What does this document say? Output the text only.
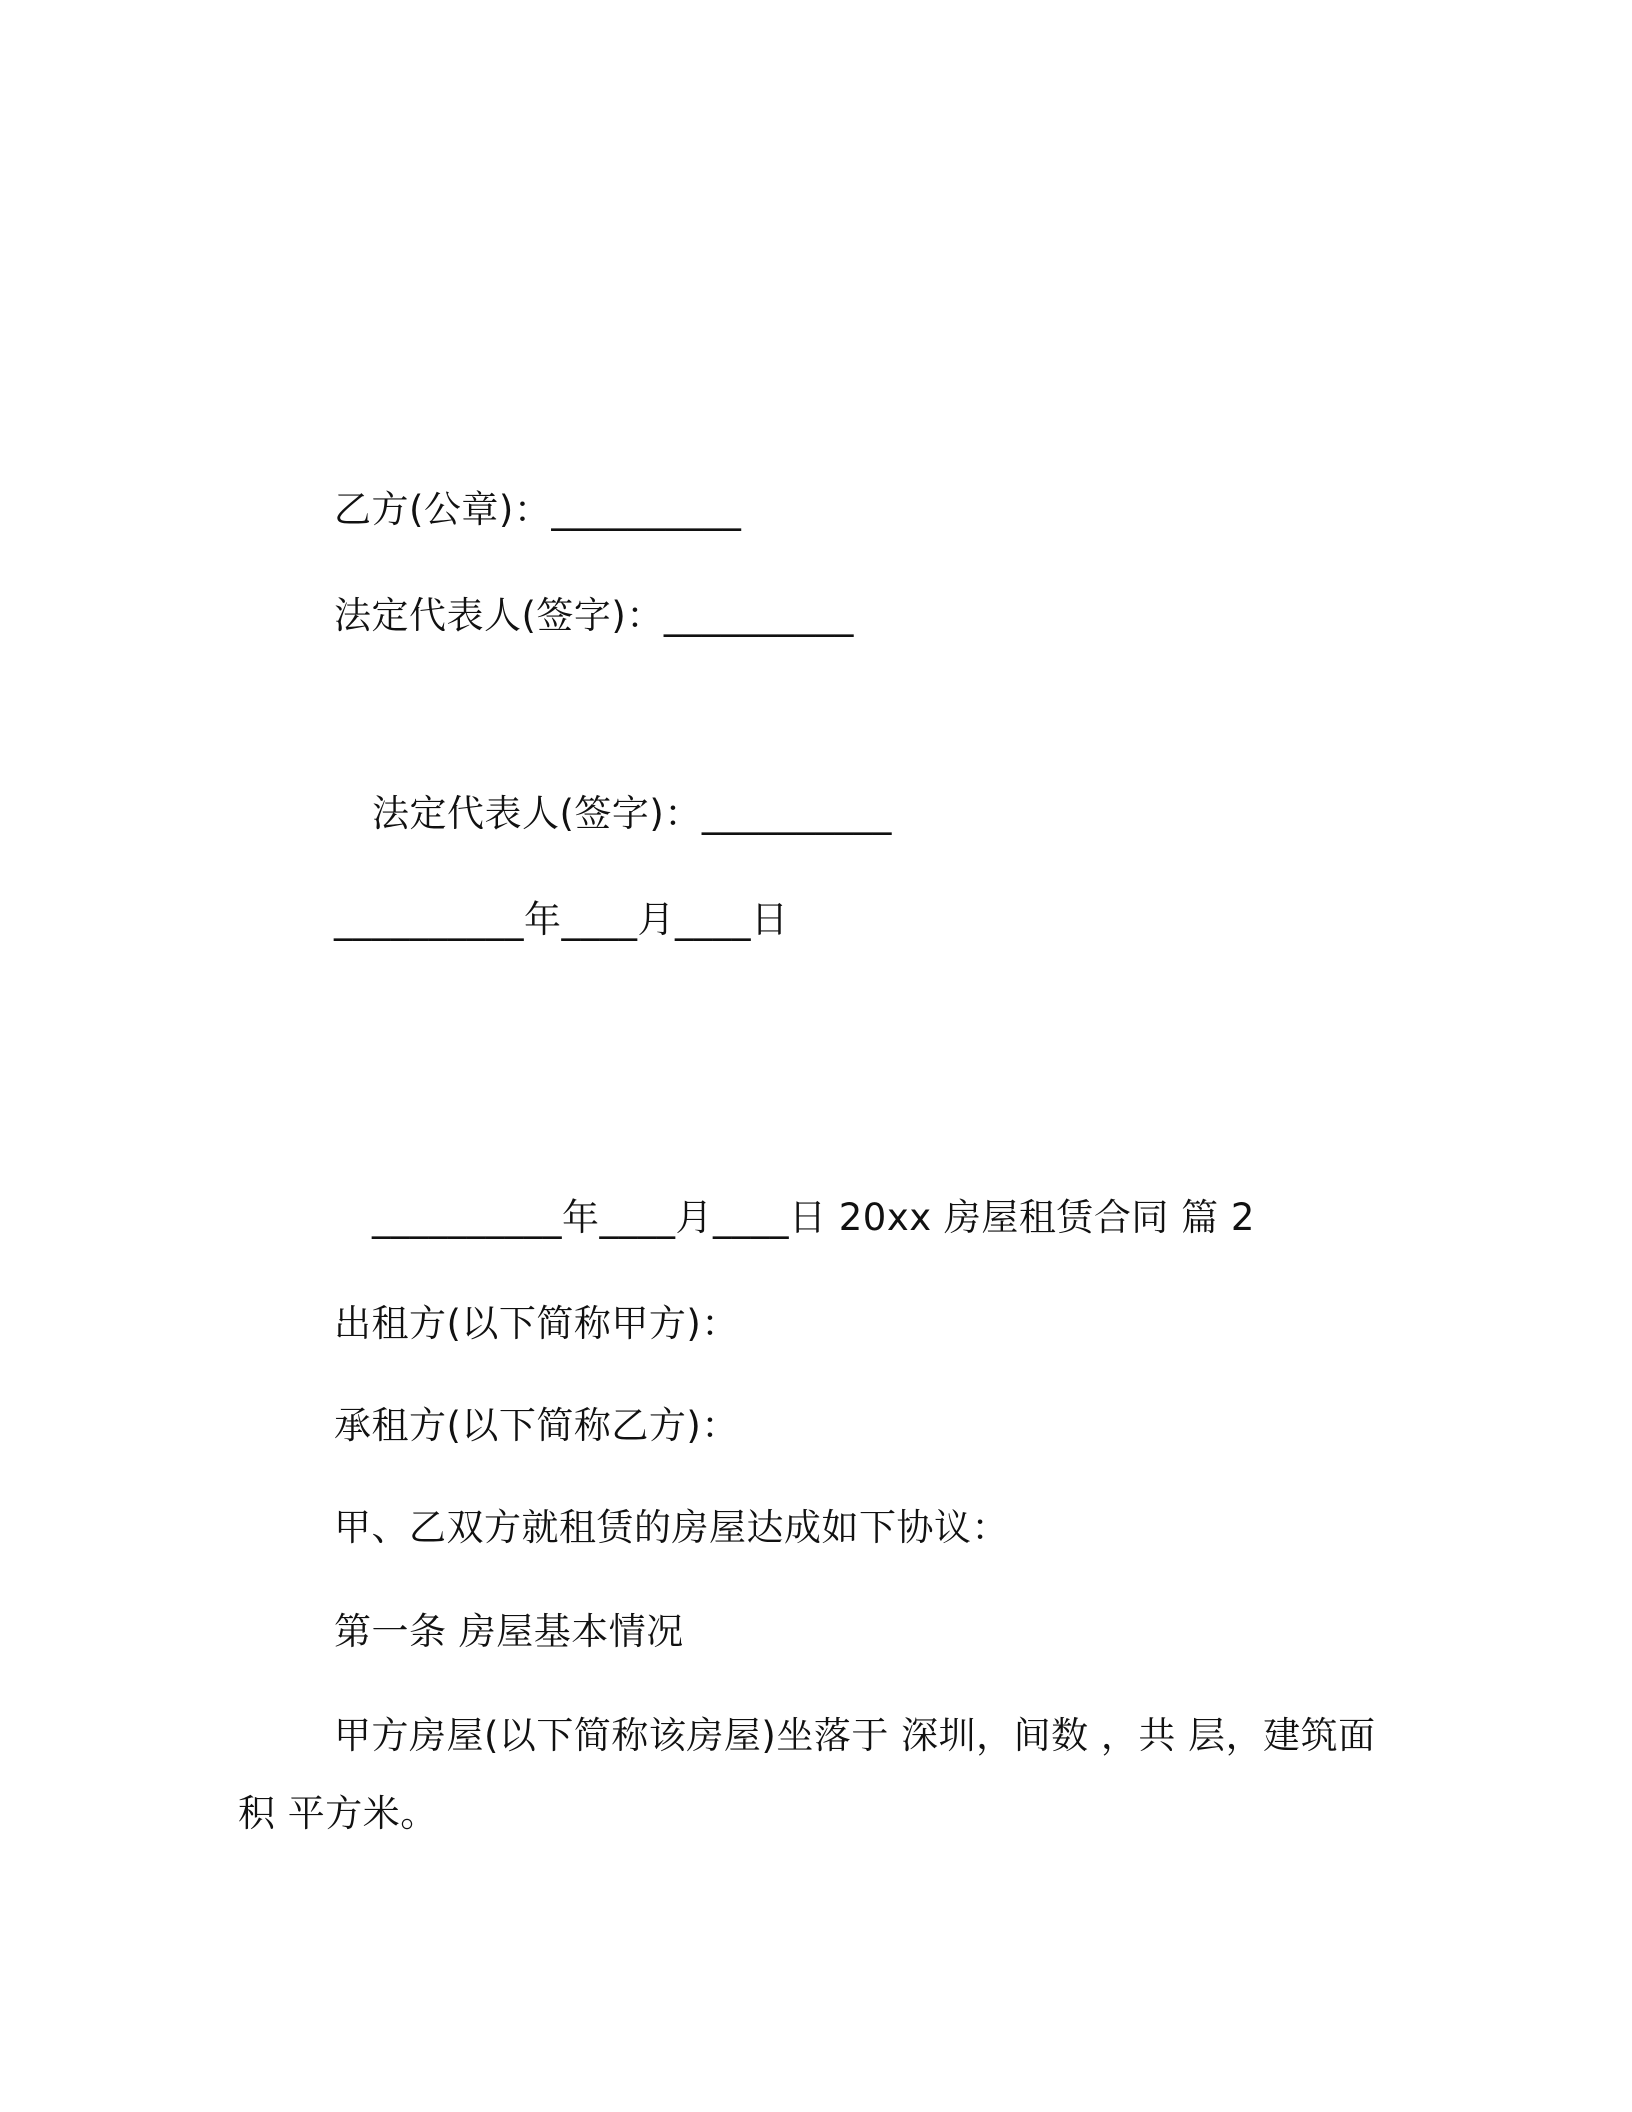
乙方(公章)：__________
法定代表人(签字)：__________
法定代表人(签字)：__________
__________年____月____日
__________年____月____日 20xx 房屋租赁合同 篇 2
出租方(以下简称甲方)：
承租方(以下简称乙方)：
甲、乙双方就租赁的房屋达成如下协议：
第一条 房屋基本情况
甲方房屋(以下简称该房屋)坐落于 深圳，间数 ，共 层，建筑面
积 平方米。
